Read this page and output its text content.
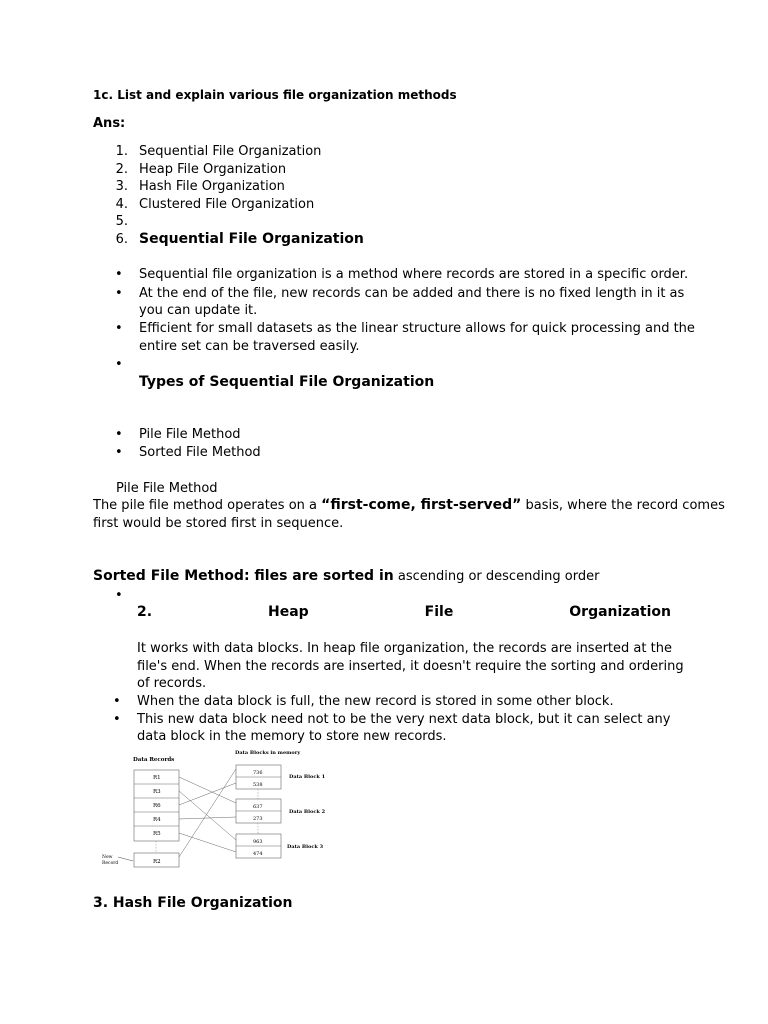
1c. List and explain various file organization methods
Ans:
1. Sequential File Organization
2. Heap File Organization
3. Hash File Organization
4. Clustered File Organization
5.
6. Sequential File Organization
• Sequential file organization is a method where records are stored in a specific order.
• At the end of the file, new records can be added and there is no fixed length in it as
you can update it.
• Efficient for small datasets as the linear structure allows for quick processing and the
entire set can be traversed easily.
•
Types of Sequential File Organization
• Pile File Method
• Sorted File Method
Pile File Method
The pile file method operates on a “first-come, first-served” basis, where the record comes
first would be stored first in sequence.
Sorted File Method: files are sorted in ascending or descending order
•
2.	Heap	File	Organization
It works with data blocks. In heap file organization, the records are inserted at the
file's end. When the records are inserted, it doesn't require the sorting and ordering
of records.
• When the data block is full, the new record is stored in some other block.
• This new data block need not to be the very next data block, but it can select any
data block in the memory to store new records.
Data Records
Data Blocks in memory
R1
R3
R6
R4
R5
R2
New
Record
736
538
Data Block 1
637
273
Data Block 2
963
474
Data Block 3
3. Hash File Organization
